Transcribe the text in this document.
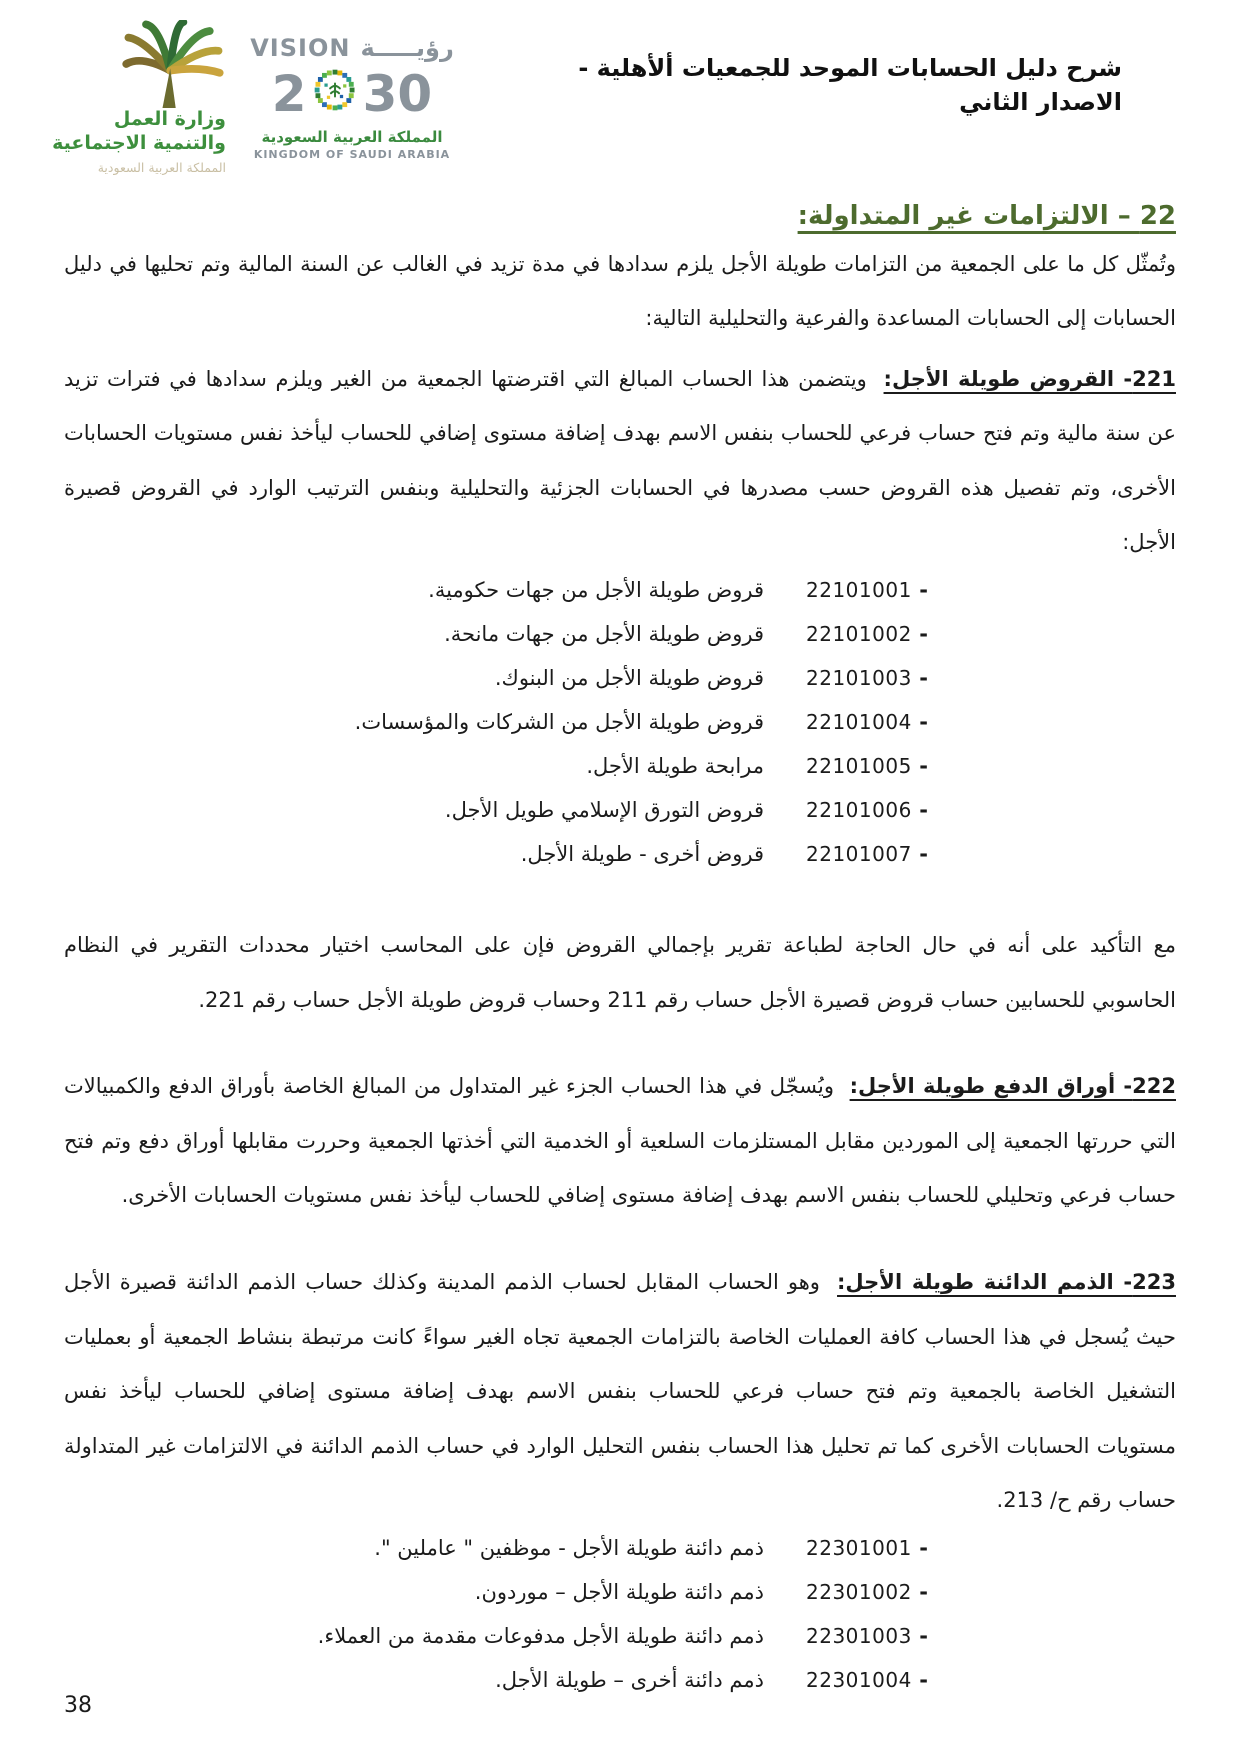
وزارة العمل
والتنمية الاجتماعية
المملكة العربية السعودية
رؤيـــــة
VISION
2 30
المملكة العربية السعودية
KINGDOM OF SAUDI ARABIA
شرح دليل الحسابات الموحد للجمعيات ألأهلية - الاصدار الثاني
22 – الالتزامات غير المتداولة:

وتُمثّل كل ما على الجمعية من التزامات طويلة الأجل يلزم سدادها في مدة تزيد في الغالب عن السنة المالية وتم تحليها في دليل الحسابات إلى الحسابات المساعدة والفرعية والتحليلية التالية:

221- القروض طويلة الأجل: ويتضمن هذا الحساب المبالغ التي اقترضتها الجمعية من الغير ويلزم سدادها في فترات تزيد عن سنة مالية وتم فتح حساب فرعي للحساب بنفس الاسم بهدف إضافة مستوى إضافي للحساب ليأخذ نفس مستويات الحسابات الأخرى، وتم تفصيل هذه القروض حسب مصدرها في الحسابات الجزئية والتحليلية وبنفس الترتيب الوارد في القروض قصيرة الأجل:

-
22101001
قروض طويلة الأجل من جهات حكومية.
-
22101002
قروض طويلة الأجل من جهات مانحة.
-
22101003
قروض طويلة الأجل من البنوك.
-
22101004
قروض طويلة الأجل من الشركات والمؤسسات.
-
22101005
مرابحة طويلة الأجل.
-
22101006
قروض التورق الإسلامي طويل الأجل.
-
22101007
قروض أخرى - طويلة الأجل.

مع التأكيد على أنه في حال الحاجة لطباعة تقرير بإجمالي القروض فإن على المحاسب اختيار محددات التقرير في النظام الحاسوبي للحسابين حساب قروض قصيرة الأجل حساب رقم 211 وحساب قروض طويلة الأجل حساب رقم 221.

222- أوراق الدفع طويلة الأجل: ويُسجّل في هذا الحساب الجزء غير المتداول من المبالغ الخاصة بأوراق الدفع والكمبيالات التي حررتها الجمعية إلى الموردين مقابل المستلزمات السلعية أو الخدمية التي أخذتها الجمعية وحررت مقابلها أوراق دفع وتم فتح حساب فرعي وتحليلي للحساب بنفس الاسم بهدف إضافة مستوى إضافي للحساب ليأخذ نفس مستويات الحسابات الأخرى.

223- الذمم الدائنة طويلة الأجل: وهو الحساب المقابل لحساب الذمم المدينة وكذلك حساب الذمم الدائنة قصيرة الأجل حيث يُسجل في هذا الحساب كافة العمليات الخاصة بالتزامات الجمعية تجاه الغير سواءً كانت مرتبطة بنشاط الجمعية أو بعمليات التشغيل الخاصة بالجمعية وتم فتح حساب فرعي للحساب بنفس الاسم بهدف إضافة مستوى إضافي للحساب ليأخذ نفس مستويات الحسابات الأخرى كما تم تحليل هذا الحساب بنفس التحليل الوارد في حساب الذمم الدائنة في الالتزامات غير المتداولة حساب رقم ح/ 213.

-
22301001
ذمم دائنة طويلة الأجل - موظفين " عاملين ".
-
22301002
ذمم دائنة طويلة الأجل – موردون.
-
22301003
ذمم دائنة طويلة الأجل مدفوعات مقدمة من العملاء.
-
22301004
ذمم دائنة أخرى – طويلة الأجل.
38
